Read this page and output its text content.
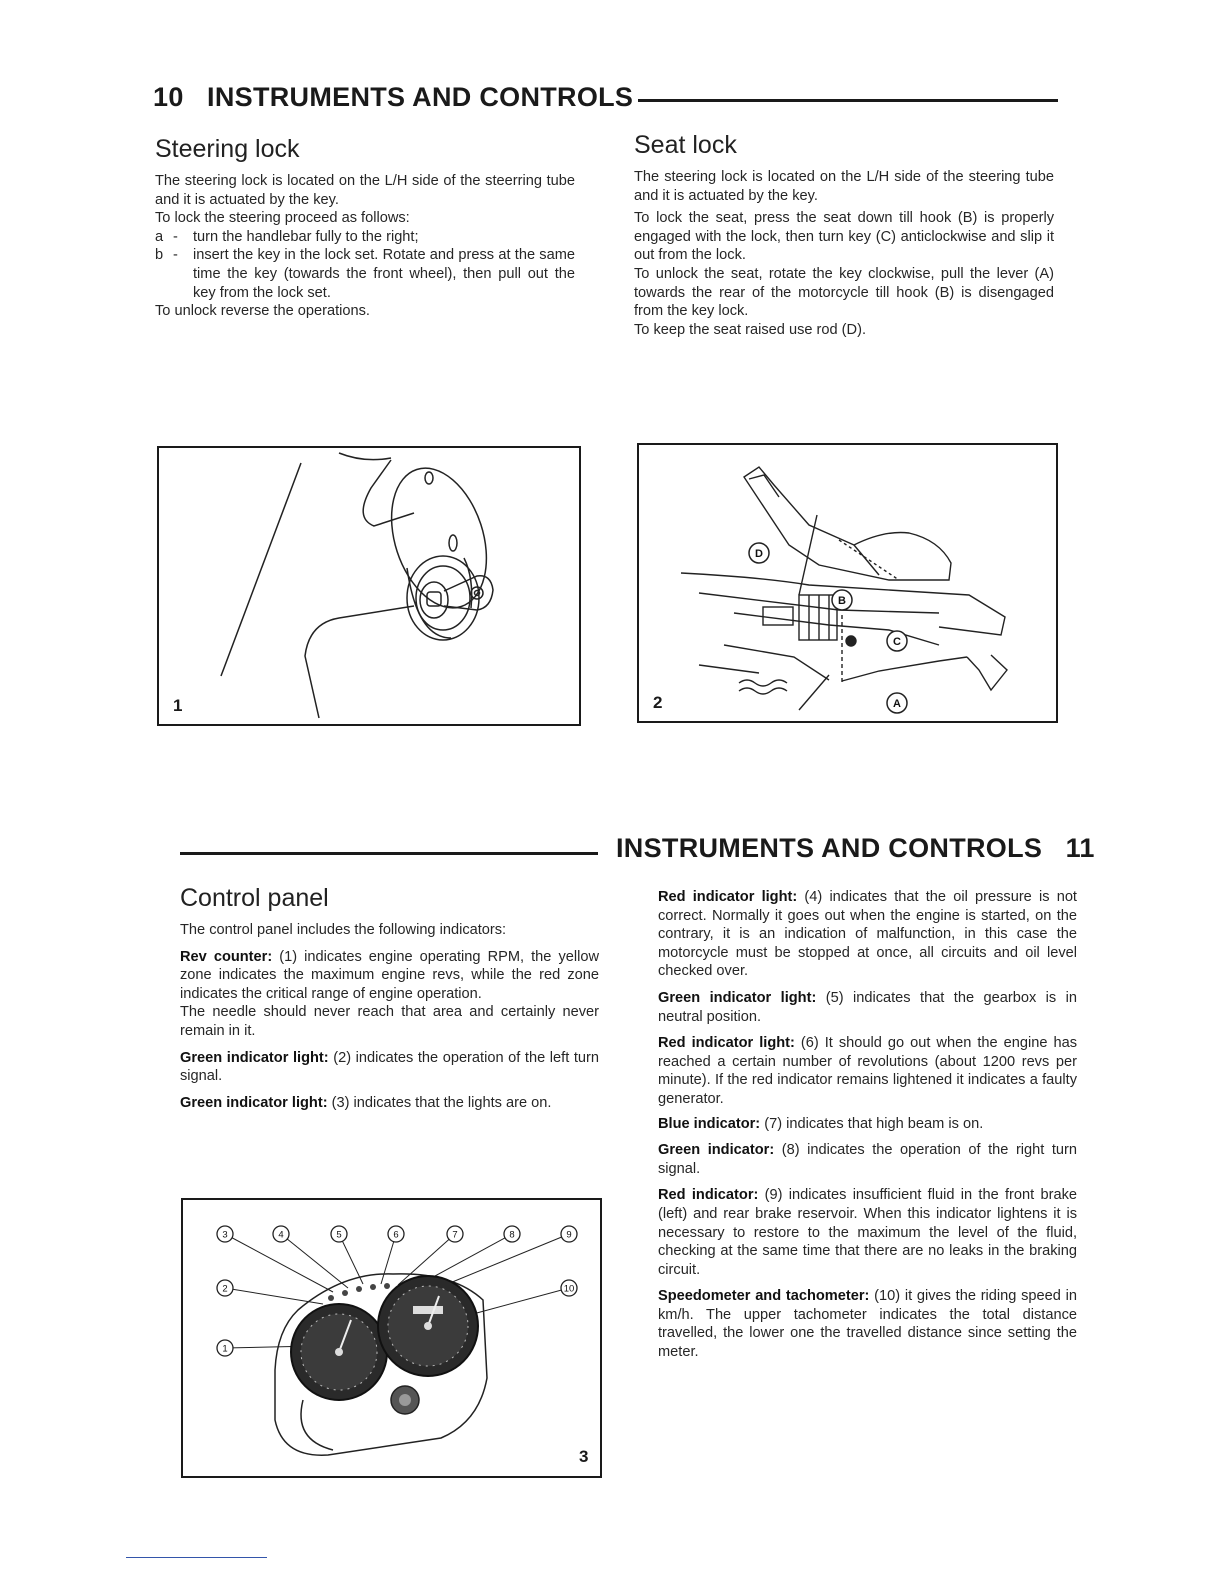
10 INSTRUMENTS AND CONTROLS
Steering lock

The steering lock is located on the L/H side of the steerring tube and it is actuated by the key.

To lock the steering proceed as follows:

a -	turn the handlebar fully to the right;
b -	insert the key in the lock set. Rotate and press at the same time the key (towards the front wheel), then pull out the key from the lock set.

To unlock reverse the operations.

Seat lock

The steering lock is located on the L/H side of the steering tube and it is actuated by the key.

To lock the seat, press the seat down till hook (B) is properly engaged with the lock, then turn key (C) anticlockwise and slip it out from the lock.

To unlock the seat, rotate the key clockwise, pull the lever (A) towards the rear of the motorcycle till hook (B) is disengaged from the key lock.

To keep the seat raised use rod (D).

1
D
B
C
A
2
INSTRUMENTS AND CONTROLS 11
Control panel

The control panel includes the following indicators:

Rev counter: (1) indicates engine operating RPM, the yellow zone indicates the maximum engine revs, while the red zone indicates the critical range of engine operation.

The needle should never reach that area and certainly never remain in it.

Green indicator light: (2) indicates the operation of the left turn signal.

Green indicator light: (3) indicates that the lights are on.

Red indicator light: (4) indicates that the oil pressure is not correct. Normally it goes out when the engine is started, on the contrary, it is an indication of malfunction, in this case the motorcycle must be stopped at once, all circuits and oil level checked over.

Green indicator light: (5) indicates that the gearbox is in neutral position.

Red indicator light: (6) It should go out when the engine has reached a certain number of revolutions (about 1200 revs per minute). If the red indicator remains lightened it indicates a faulty generator.

Blue indicator: (7) indicates that high beam is on.

Green indicator: (8) indicates the operation of the right turn signal.

Red indicator: (9) indicates insufficient fluid in the front brake (left) and rear brake reservoir. When this indicator lightens it is necessary to restore to the maximum the level of the fluid, checking at the same time that there are no leaks in the braking circuit.

Speedometer and tachometer: (10) it gives the riding speed in km/h. The upper tachometer indicates the total distance travelled, the lower one the travelled distance since setting the meter.

3	4	5	6	7	8	9
2
1
10
3
